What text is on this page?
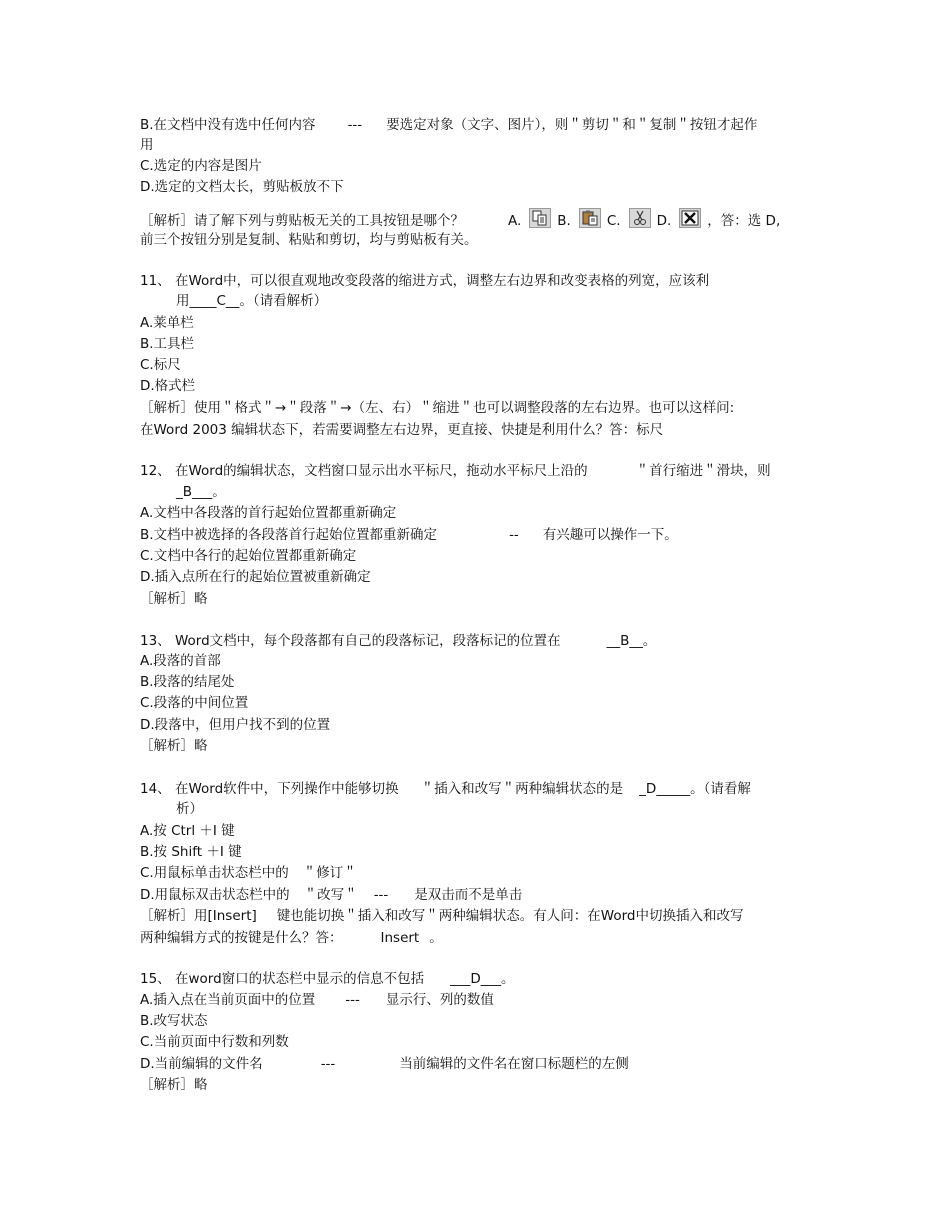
B.在文档中没有选中任何内容 --- 要选定对象（文字、图片），则＂剪切＂和＂复制＂按钮才起作
用
C.选定的内容是图片
D.选定的文档太长，剪贴板放不下
［解析］请了解下列与剪贴板无关的工具按钮是哪个？	A.	B.	C.	D.	，答：选 D,
前三个按钮分别是复制、粘贴和剪切，均与剪贴板有关。
11、 在Word中，可以很直观地改变段落的缩进方式，调整左右边界和改变表格的列宽，应该利
用____C__。（请看解析）
A.莱单栏
B.工具栏
C.标尺
D.格式栏
［解析］使用＂格式＂→＂段落＂→（左、右）＂缩进＂也可以调整段落的左右边界。也可以这样问:
在Word 2003 编辑状态下，若需要调整左右边界，更直接、快捷是利用什么？答：标尺
12、 在Word的编辑状态，文档窗口显示出水平标尺，拖动水平标尺上沿的	＂首行缩进＂滑块，则
_B___。
A.文档中各段落的首行起始位置都重新确定
B.文档中被选择的各段落首行起始位置都重新确定	-- 有兴趣可以操作一下。
C.文档中各行的起始位置都重新确定
D.插入点所在行的起始位置被重新确定
［解析］略
13、 Word文档中，每个段落都有自己的段落标记，段落标记的位置在	__B__。
A.段落的首部
B.段落的结尾处
C.段落的中间位置
D.段落中，但用户找不到的位置
［解析］略
14、 在Word软件中，下列操作中能够切换 ＂插入和改写＂两种编辑状态的是 _D_____。（请看解
析）
A.按 Ctrl ＋I 键
B.按 Shift ＋I 键
C.用鼠标单击状态栏中的 ＂修订＂
D.用鼠标双击状态栏中的 ＂改写＂ --- 是双击而不是单击
［解析］用[Insert] 键也能切换＂插入和改写＂两种编辑状态。有人问：在Word中切换插入和改写
两种编辑方式的按键是什么？答：	Insert 。
15、 在word窗口的状态栏中显示的信息不包括 ___D___。
A.插入点在当前页面中的位置 --- 显示行、列的数值
B.改写状态
C.当前页面中行数和列数
D.当前编辑的文件名	---	当前编辑的文件名在窗口标题栏的左侧
［解析］略
